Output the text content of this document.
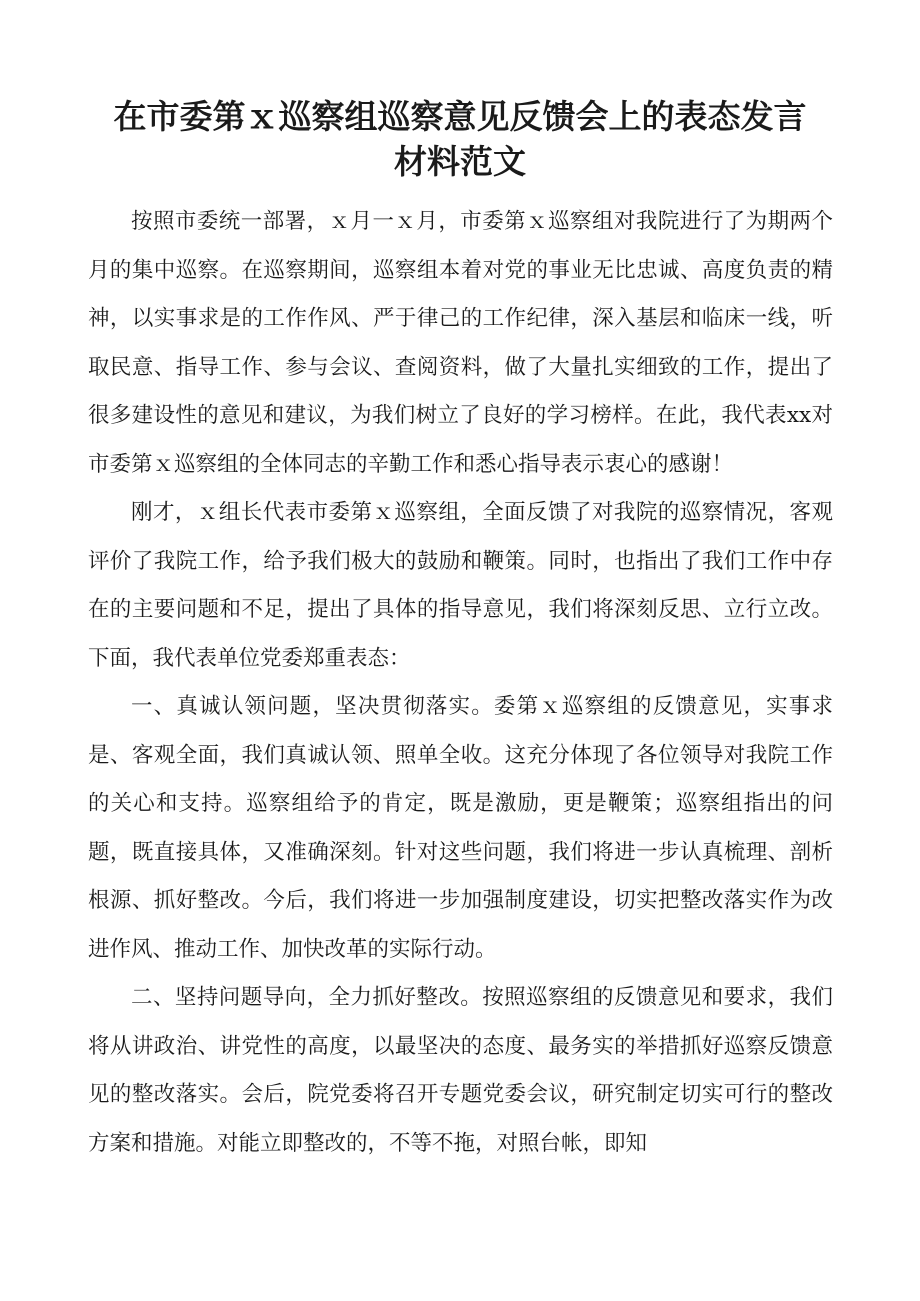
在市委第ｘ巡察组巡察意见反馈会上的表态发言
材料范文

按照市委统一部署，ｘ月一ｘ月，市委第ｘ巡察组对我院进行了为期两个月的集中巡察。在巡察期间，巡察组本着对党的事业无比忠诚、高度负责的精神，以实事求是的工作作风、严于律己的工作纪律，深入基层和临床一线，听取民意、指导工作、参与会议、查阅资料，做了大量扎实细致的工作，提出了很多建设性的意见和建议，为我们树立了良好的学习榜样。在此，我代表xx对市委第ｘ巡察组的全体同志的辛勤工作和悉心指导表示衷心的感谢！

刚才，ｘ组长代表市委第ｘ巡察组，全面反馈了对我院的巡察情况，客观评价了我院工作，给予我们极大的鼓励和鞭策。同时，也指出了我们工作中存在的主要问题和不足，提出了具体的指导意见，我们将深刻反思、立行立改。下面，我代表单位党委郑重表态：

一、真诚认领问题，坚决贯彻落实。委第ｘ巡察组的反馈意见，实事求是、客观全面，我们真诚认领、照单全收。这充分体现了各位领导对我院工作的关心和支持。巡察组给予的肯定，既是激励，更是鞭策；巡察组指出的问题，既直接具体，又准确深刻。针对这些问题，我们将进一步认真梳理、剖析根源、抓好整改。今后，我们将进一步加强制度建设，切实把整改落实作为改进作风、推动工作、加快改革的实际行动。

二、坚持问题导向，全力抓好整改。按照巡察组的反馈意见和要求，我们将从讲政治、讲党性的高度，以最坚决的态度、最务实的举措抓好巡察反馈意见的整改落实。会后，院党委将召开专题党委会议，研究制定切实可行的整改方案和措施。对能立即整改的，不等不拖，对照台帐，即知
